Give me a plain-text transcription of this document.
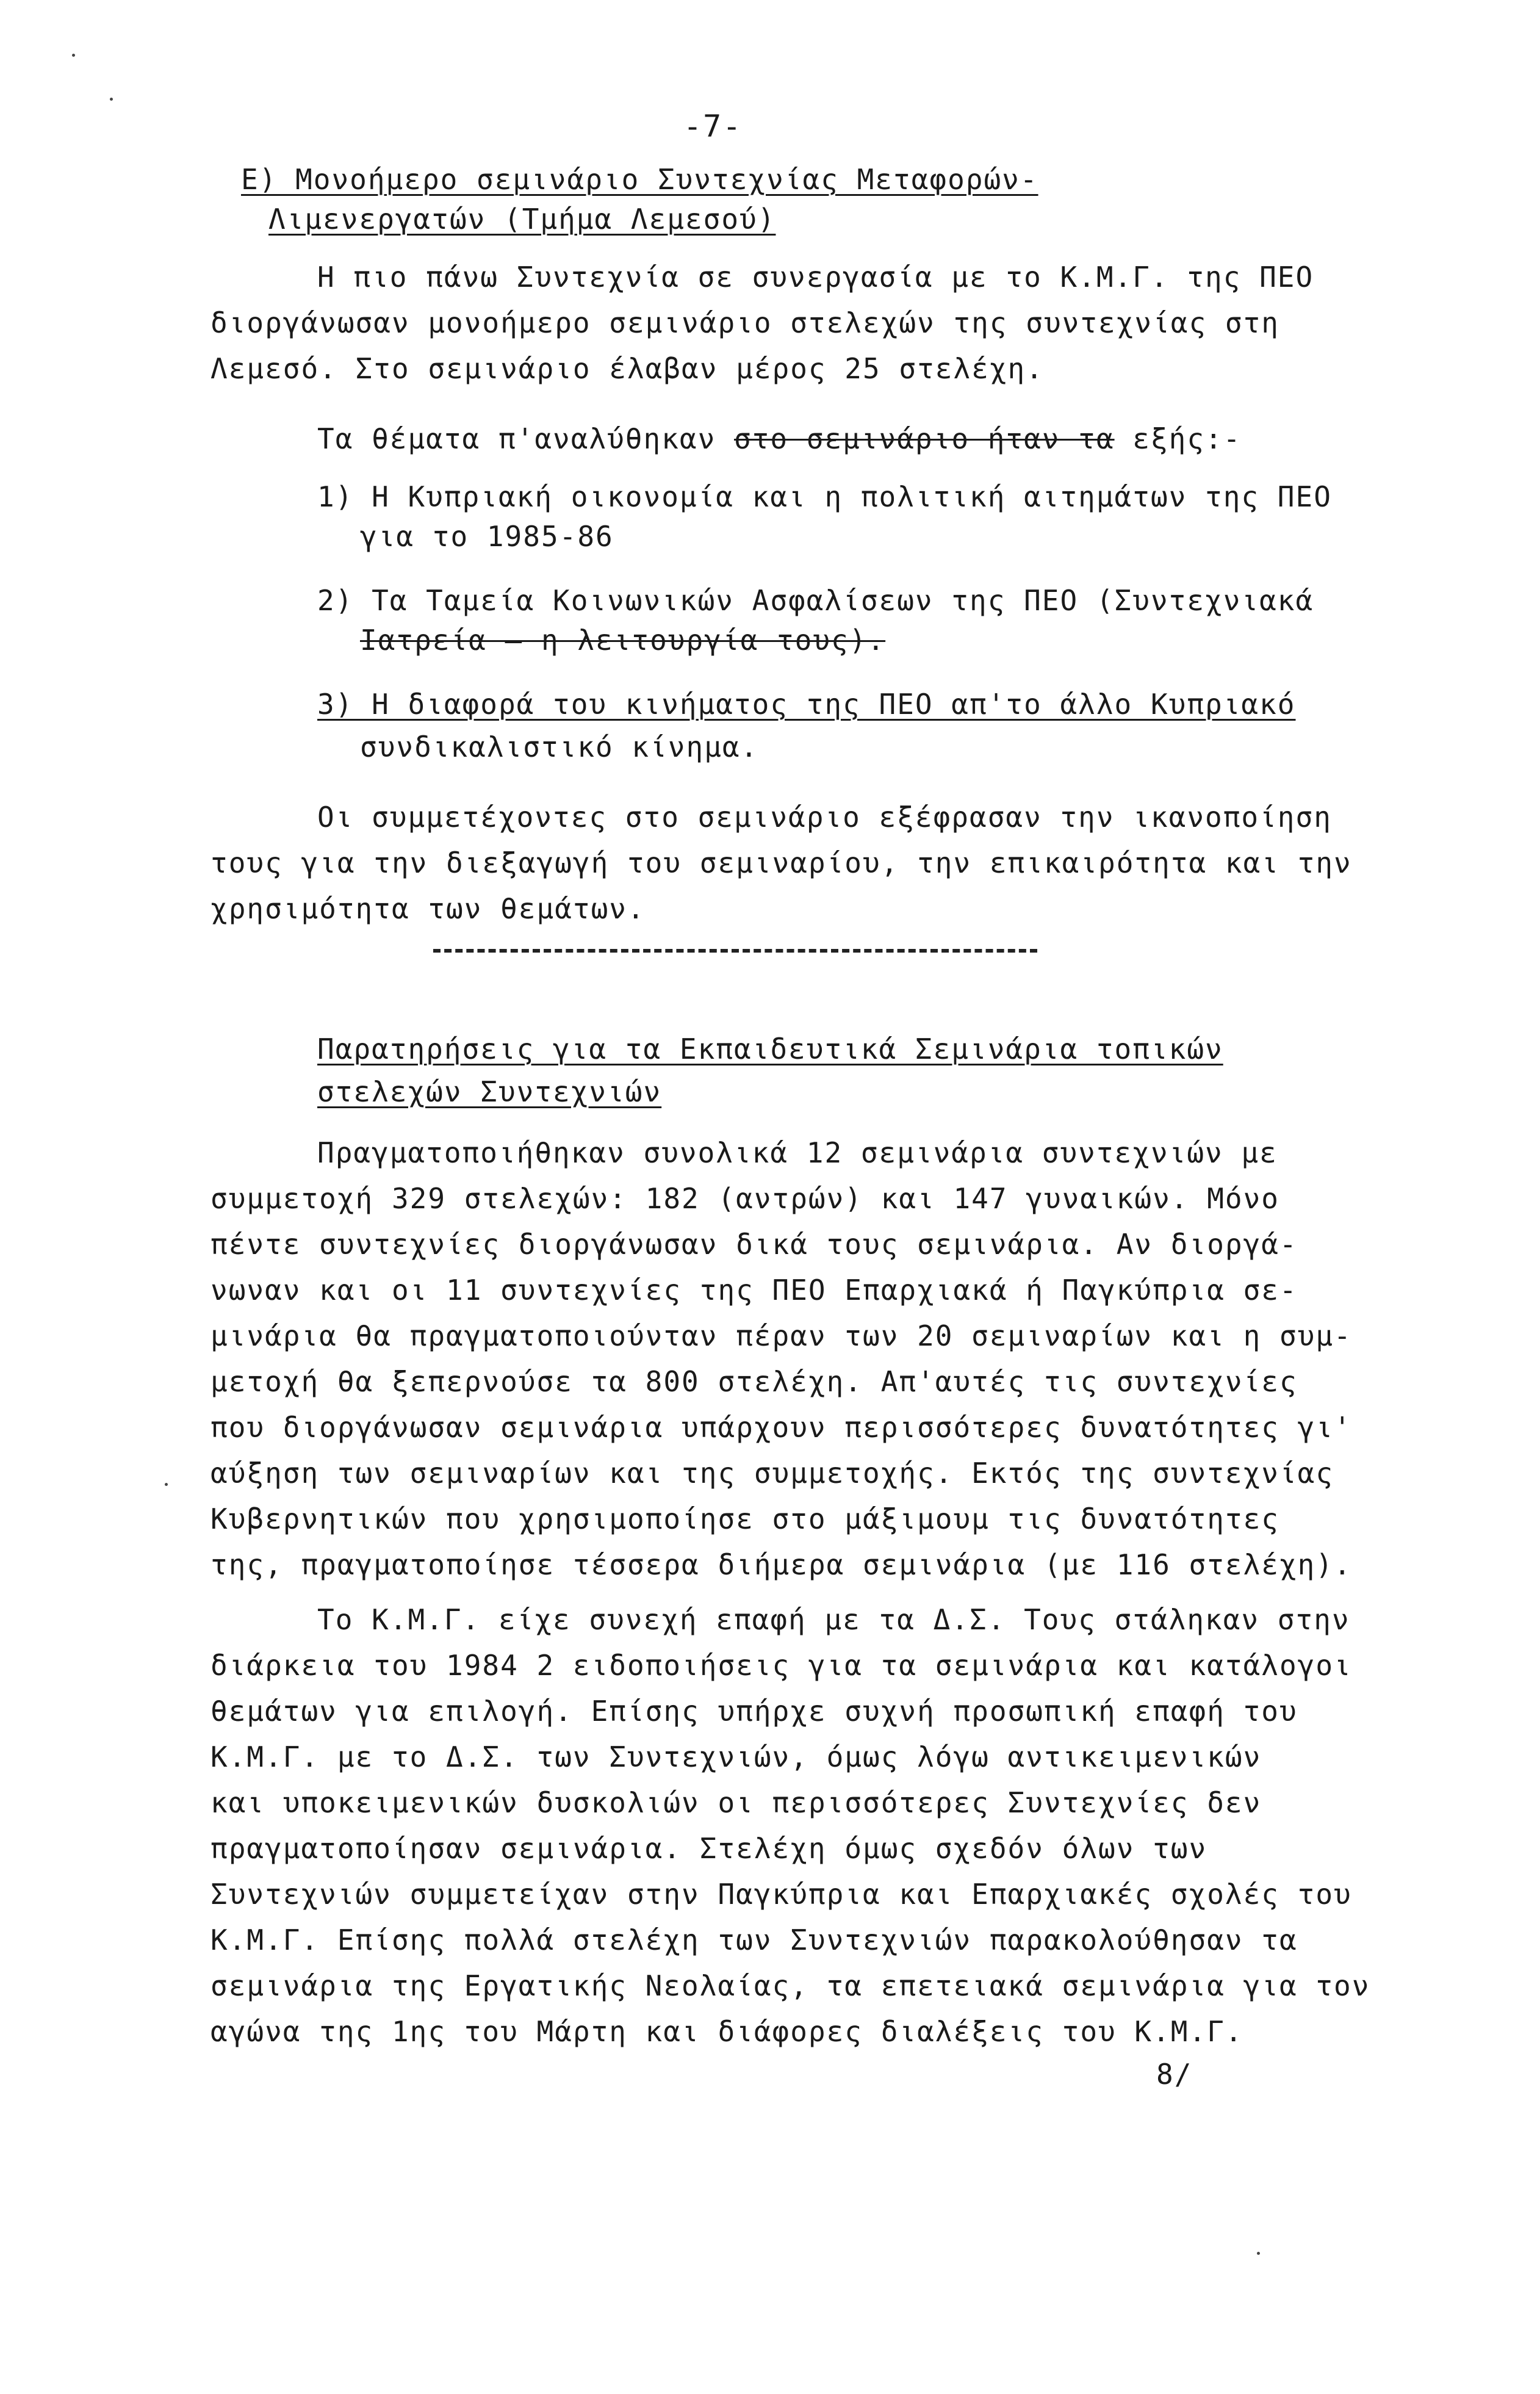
-7-
Ε) Μονοήμερο σεμινάριο Συντεχνίας Μεταφορών-
Λιμενεργατών (Τμήμα Λεμεσού)
Η πιο πάνω Συντεχνία σε συνεργασία με το Κ.Μ.Γ. της ΠΕΟ
διοργάνωσαν μονοήμερο σεμινάριο στελεχών της συντεχνίας στη
Λεμεσό. Στο σεμινάριο έλαβαν μέρος 25 στελέχη.
Τα θέματα π'αναλύθηκαν στο σεμινάριο ήταν τα εξής:-
1) Η Κυπριακή οικονομία και η πολιτική αιτημάτων της ΠΕΟ
για το 1985-86
2) Τα Ταμεία Κοινωνικών Ασφαλίσεων της ΠΕΟ (Συντεχνιακά
Ιατρεία – η λειτουργία τους).
3) Η διαφορά του κινήματος της ΠΕΟ απ'το άλλο Κυπριακό
συνδικαλιστικό κίνημα.
Οι συμμετέχοντες στο σεμινάριο εξέφρασαν την ικανοποίηση
τους για την διεξαγωγή του σεμιναρίου, την επικαιρότητα και την
χρησιμότητα των θεμάτων.
Παρατηρήσεις για τα Εκπαιδευτικά Σεμινάρια τοπικών
στελεχών Συντεχνιών
Πραγματοποιήθηκαν συνολικά 12 σεμινάρια συντεχνιών με
συμμετοχή 329 στελεχών: 182 (αντρών) και 147 γυναικών. Μόνο
πέντε συντεχνίες διοργάνωσαν δικά τους σεμινάρια. Αν διοργά-
νωναν και οι 11 συντεχνίες της ΠΕΟ Επαρχιακά ή Παγκύπρια σε-
μινάρια θα πραγματοποιούνταν πέραν των 20 σεμιναρίων και η συμ-
μετοχή θα ξεπερνούσε τα 800 στελέχη. Απ'αυτές τις συντεχνίες
που διοργάνωσαν σεμινάρια υπάρχουν περισσότερες δυνατότητες γι'
αύξηση των σεμιναρίων και της συμμετοχής. Εκτός της συντεχνίας
Κυβερνητικών που χρησιμοποίησε στο μάξιμουμ τις δυνατότητες
της, πραγματοποίησε τέσσερα διήμερα σεμινάρια (με 116 στελέχη).
Το Κ.Μ.Γ. είχε συνεχή επαφή με τα Δ.Σ. Τους στάληκαν στην
διάρκεια του 1984 2 ειδοποιήσεις για τα σεμινάρια και κατάλογοι
θεμάτων για επιλογή. Επίσης υπήρχε συχνή προσωπική επαφή του
Κ.Μ.Γ. με το Δ.Σ. των Συντεχνιών, όμως λόγω αντικειμενικών
και υποκειμενικών δυσκολιών οι περισσότερες Συντεχνίες δεν
πραγματοποίησαν σεμινάρια. Στελέχη όμως σχεδόν όλων των
Συντεχνιών συμμετείχαν στην Παγκύπρια και Επαρχιακές σχολές του
Κ.Μ.Γ. Επίσης πολλά στελέχη των Συντεχνιών παρακολούθησαν τα
σεμινάρια της Εργατικής Νεολαίας, τα επετειακά σεμινάρια για τον
αγώνα της 1ης του Μάρτη και διάφορες διαλέξεις του Κ.Μ.Γ.
8/
